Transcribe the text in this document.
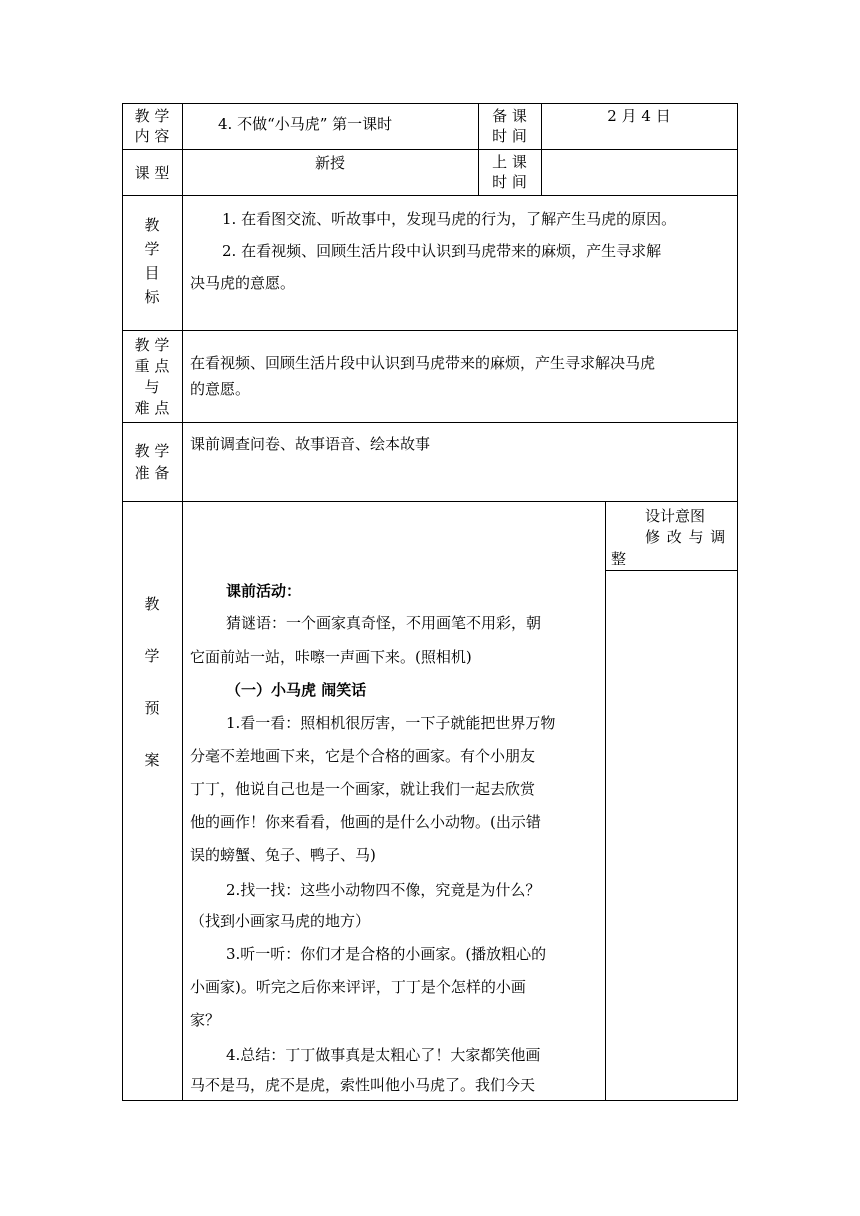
教 学
内 容
4. 不做“小马虎” 第一课时	备 课
时 间
2 月 4 日
课 型
新授	上 课
时 间
教
学
目
标
1. 在看图交流、听故事中，发现马虎的行为，了解产生马虎的原因。
2. 在看视频、回顾生活片段中认识到马虎带来的麻烦，产生寻求解
决马虎的意愿。
教 学
重 点
与
难 点
在看视频、回顾生活片段中认识到马虎带来的麻烦，产生寻求解决马虎
的意愿。
教 学
准 备
课前调查问卷、故事语音、绘本故事
教
学
预
案
设计意图
修 改 与 调
整
课前活动：
猜谜语：一个画家真奇怪，不用画笔不用彩，朝
它面前站一站，咔嚓一声画下来。(照相机)
（一）小马虎 闹笑话
1.看一看：照相机很厉害，一下子就能把世界万物
分毫不差地画下来，它是个合格的画家。有个小朋友
丁丁，他说自己也是一个画家，就让我们一起去欣赏
他的画作！你来看看，他画的是什么小动物。(出示错
误的螃蟹、兔子、鸭子、马)
2.找一找：这些小动物四不像，究竟是为什么？
（找到小画家马虎的地方）
3.听一听：你们才是合格的小画家。(播放粗心的
小画家)。听完之后你来评评，丁丁是个怎样的小画
家？
4.总结：丁丁做事真是太粗心了！大家都笑他画
马不是马，虎不是虎，索性叫他小马虎了。我们今天
